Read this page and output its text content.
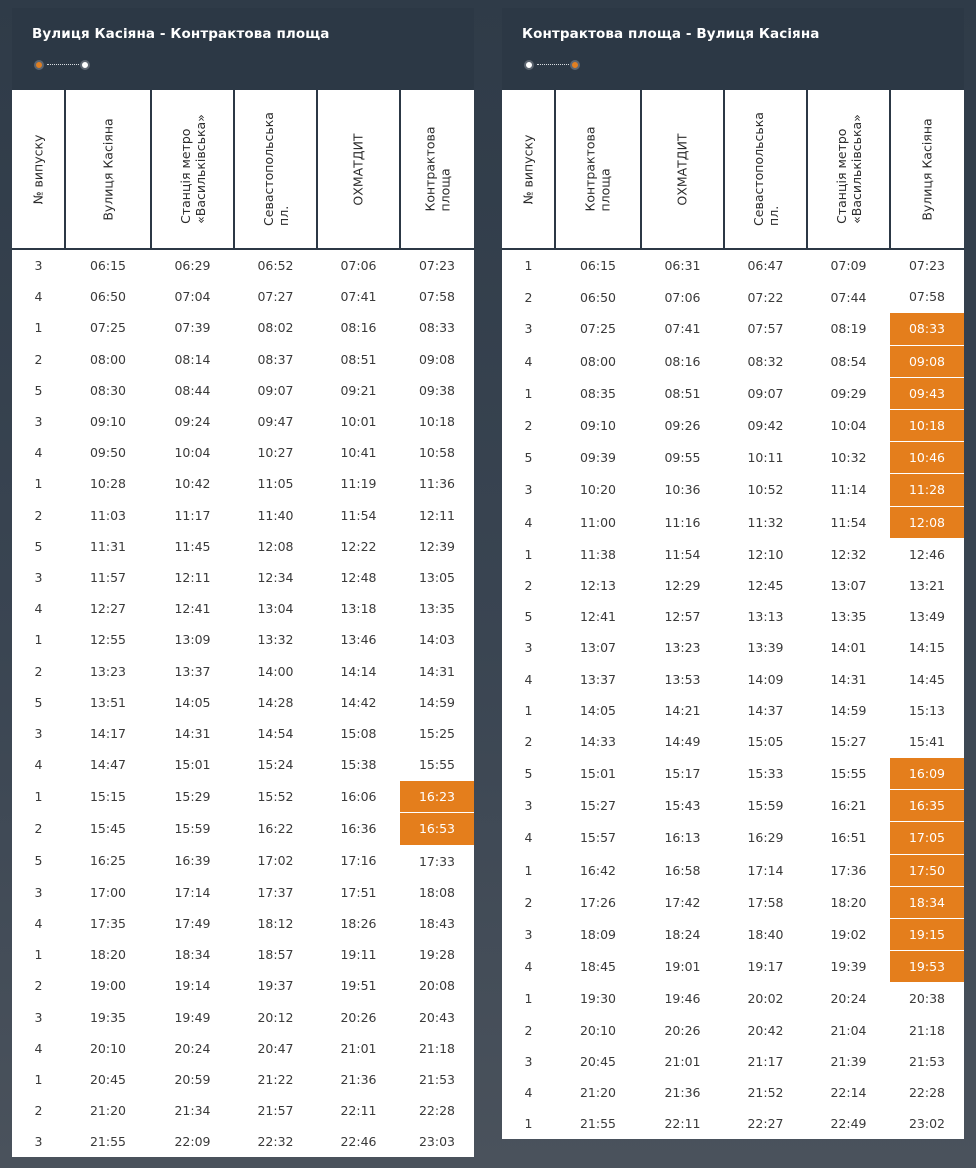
Вулиця Касіяна - Контрактова площа
№ випуску	Вулиця Касіяна	Станція метро «Васильківська»	Севастопольська пл.	ОХМАТДИТ	Контрактова площа

3	06:15	06:29	06:52	07:06	07:23
4	06:50	07:04	07:27	07:41	07:58
1	07:25	07:39	08:02	08:16	08:33
2	08:00	08:14	08:37	08:51	09:08
5	08:30	08:44	09:07	09:21	09:38
3	09:10	09:24	09:47	10:01	10:18
4	09:50	10:04	10:27	10:41	10:58
1	10:28	10:42	11:05	11:19	11:36
2	11:03	11:17	11:40	11:54	12:11
5	11:31	11:45	12:08	12:22	12:39
3	11:57	12:11	12:34	12:48	13:05
4	12:27	12:41	13:04	13:18	13:35
1	12:55	13:09	13:32	13:46	14:03
2	13:23	13:37	14:00	14:14	14:31
5	13:51	14:05	14:28	14:42	14:59
3	14:17	14:31	14:54	15:08	15:25
4	14:47	15:01	15:24	15:38	15:55
1	15:15	15:29	15:52	16:06	16:23
2	15:45	15:59	16:22	16:36	16:53
5	16:25	16:39	17:02	17:16	17:33
3	17:00	17:14	17:37	17:51	18:08
4	17:35	17:49	18:12	18:26	18:43
1	18:20	18:34	18:57	19:11	19:28
2	19:00	19:14	19:37	19:51	20:08
3	19:35	19:49	20:12	20:26	20:43
4	20:10	20:24	20:47	21:01	21:18
1	20:45	20:59	21:22	21:36	21:53
2	21:20	21:34	21:57	22:11	22:28
3	21:55	22:09	22:32	22:46	23:03
Контрактова площа - Вулиця Касіяна
№ випуску	Контрактова площа	ОХМАТДИТ	Севастопольська пл.	Станція метро «Васильківська»	Вулиця Касіяна

1	06:15	06:31	06:47	07:09	07:23
2	06:50	07:06	07:22	07:44	07:58
3	07:25	07:41	07:57	08:19	08:33
4	08:00	08:16	08:32	08:54	09:08
1	08:35	08:51	09:07	09:29	09:43
2	09:10	09:26	09:42	10:04	10:18
5	09:39	09:55	10:11	10:32	10:46
3	10:20	10:36	10:52	11:14	11:28
4	11:00	11:16	11:32	11:54	12:08
1	11:38	11:54	12:10	12:32	12:46
2	12:13	12:29	12:45	13:07	13:21
5	12:41	12:57	13:13	13:35	13:49
3	13:07	13:23	13:39	14:01	14:15
4	13:37	13:53	14:09	14:31	14:45
1	14:05	14:21	14:37	14:59	15:13
2	14:33	14:49	15:05	15:27	15:41
5	15:01	15:17	15:33	15:55	16:09
3	15:27	15:43	15:59	16:21	16:35
4	15:57	16:13	16:29	16:51	17:05
1	16:42	16:58	17:14	17:36	17:50
2	17:26	17:42	17:58	18:20	18:34
3	18:09	18:24	18:40	19:02	19:15
4	18:45	19:01	19:17	19:39	19:53
1	19:30	19:46	20:02	20:24	20:38
2	20:10	20:26	20:42	21:04	21:18
3	20:45	21:01	21:17	21:39	21:53
4	21:20	21:36	21:52	22:14	22:28
1	21:55	22:11	22:27	22:49	23:02
